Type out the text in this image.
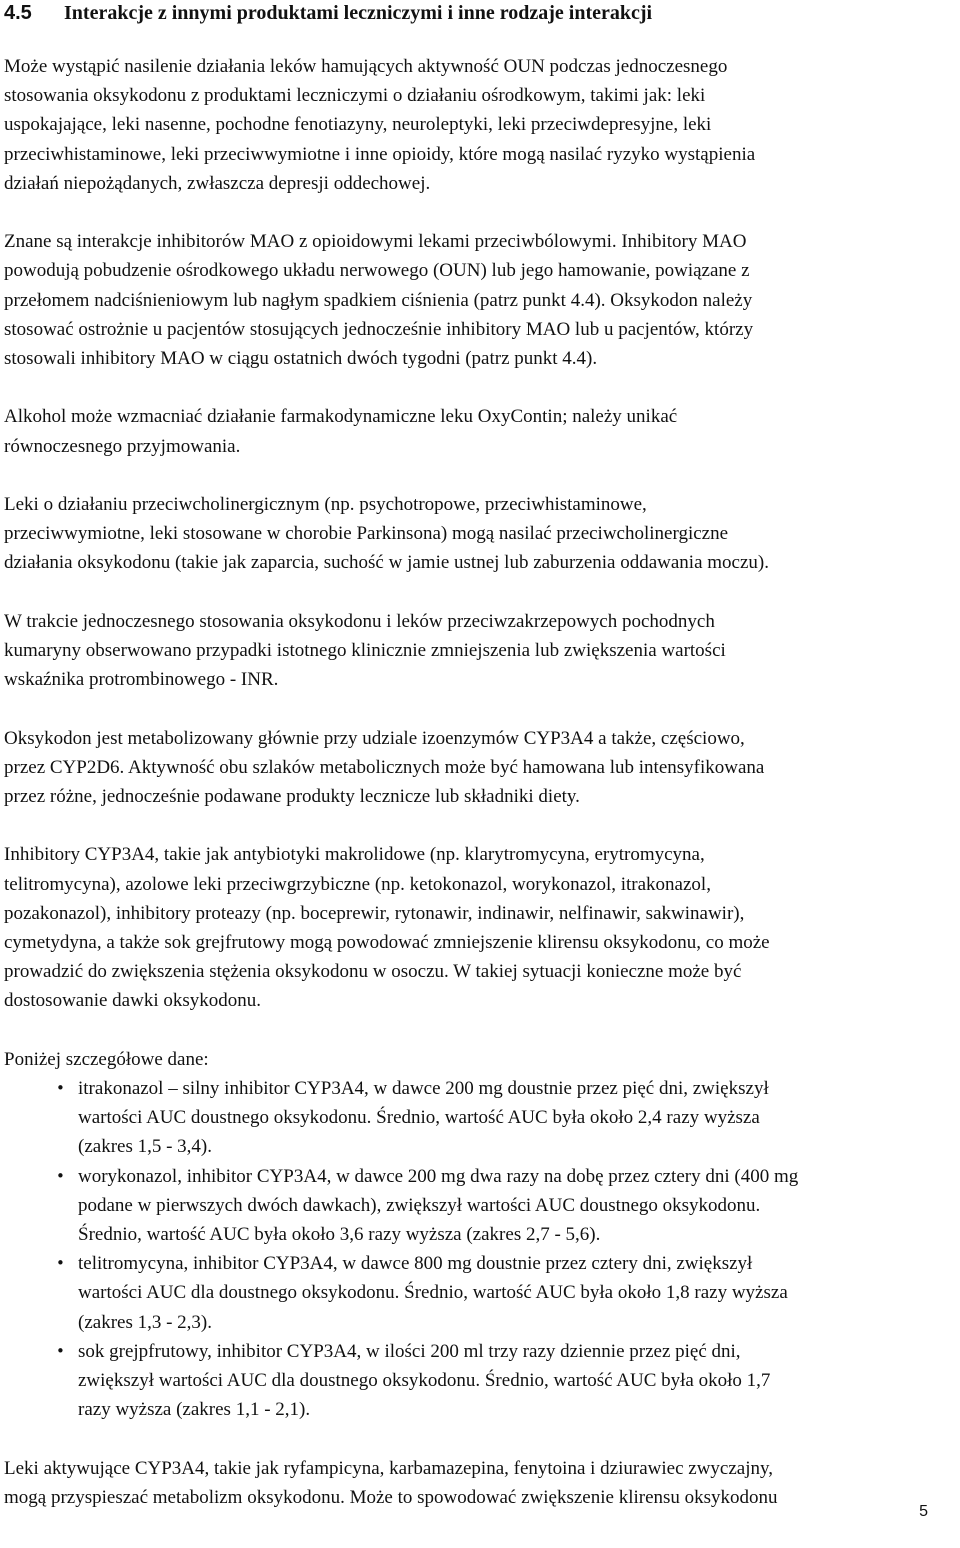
4.5 Interakcje z innymi produktami leczniczymi i inne rodzaje interakcji

Może wystąpić nasilenie działania leków hamujących aktywność OUN podczas jednoczesnego
stosowania oksykodonu z produktami leczniczymi o działaniu ośrodkowym, takimi jak: leki
uspokajające, leki nasenne, pochodne fenotiazyny, neuroleptyki, leki przeciwdepresyjne, leki
przeciwhistaminowe, leki przeciwwymiotne i inne opioidy, które mogą nasilać ryzyko wystąpienia
działań niepożądanych, zwłaszcza depresji oddechowej.

Znane są interakcje inhibitorów MAO z opioidowymi lekami przeciwbólowymi. Inhibitory MAO
powodują pobudzenie ośrodkowego układu nerwowego (OUN) lub jego hamowanie, powiązane z
przełomem nadciśnieniowym lub nagłym spadkiem ciśnienia (patrz punkt 4.4). Oksykodon należy
stosować ostrożnie u pacjentów stosujących jednocześnie inhibitory MAO lub u pacjentów, którzy
stosowali inhibitory MAO w ciągu ostatnich dwóch tygodni (patrz punkt 4.4).

Alkohol może wzmacniać działanie farmakodynamiczne leku OxyContin; należy unikać
równoczesnego przyjmowania.

Leki o działaniu przeciwcholinergicznym (np. psychotropowe, przeciwhistaminowe,
przeciwwymiotne, leki stosowane w chorobie Parkinsona) mogą nasilać przeciwcholinergiczne
działania oksykodonu (takie jak zaparcia, suchość w jamie ustnej lub zaburzenia oddawania moczu).

W trakcie jednoczesnego stosowania oksykodonu i leków przeciwzakrzepowych pochodnych
kumaryny obserwowano przypadki istotnego klinicznie zmniejszenia lub zwiększenia wartości
wskaźnika protrombinowego - INR.

Oksykodon jest metabolizowany głównie przy udziale izoenzymów CYP3A4 a także, częściowo,
przez CYP2D6. Aktywność obu szlaków metabolicznych może być hamowana lub intensyfikowana
przez różne, jednocześnie podawane produkty lecznicze lub składniki diety.

Inhibitory CYP3A4, takie jak antybiotyki makrolidowe (np. klarytromycyna, erytromycyna,
telitromycyna), azolowe leki przeciwgrzybiczne (np. ketokonazol, worykonazol, itrakonazol,
pozakonazol), inhibitory proteazy (np. boceprewir, rytonawir, indinawir, nelfinawir, sakwinawir),
cymetydyna, a także sok grejfrutowy mogą powodować zmniejszenie klirensu oksykodonu, co może
prowadzić do zwiększenia stężenia oksykodonu w osoczu. W takiej sytuacji konieczne może być
dostosowanie dawki oksykodonu.

Poniżej szczegółowe dane:
• itrakonazol – silny inhibitor CYP3A4, w dawce 200 mg doustnie przez pięć dni, zwiększył
wartości AUC doustnego oksykodonu. Średnio, wartość AUC była około 2,4 razy wyższa
(zakres 1,5 - 3,4).
• worykonazol, inhibitor CYP3A4, w dawce 200 mg dwa razy na dobę przez cztery dni (400 mg
podane w pierwszych dwóch dawkach), zwiększył wartości AUC doustnego oksykodonu.
Średnio, wartość AUC była około 3,6 razy wyższa (zakres 2,7 - 5,6).
• telitromycyna, inhibitor CYP3A4, w dawce 800 mg doustnie przez cztery dni, zwiększył
wartości AUC dla doustnego oksykodonu. Średnio, wartość AUC była około 1,8 razy wyższa
(zakres 1,3 - 2,3).
• sok grejpfrutowy, inhibitor CYP3A4, w ilości 200 ml trzy razy dziennie przez pięć dni,
zwiększył wartości AUC dla doustnego oksykodonu. Średnio, wartość AUC była około 1,7
razy wyższa (zakres 1,1 - 2,1).

Leki aktywujące CYP3A4, takie jak ryfampicyna, karbamazepina, fenytoina i dziurawiec zwyczajny,
mogą przyspieszać metabolizm oksykodonu. Może to spowodować zwiększenie klirensu oksykodonu

5
